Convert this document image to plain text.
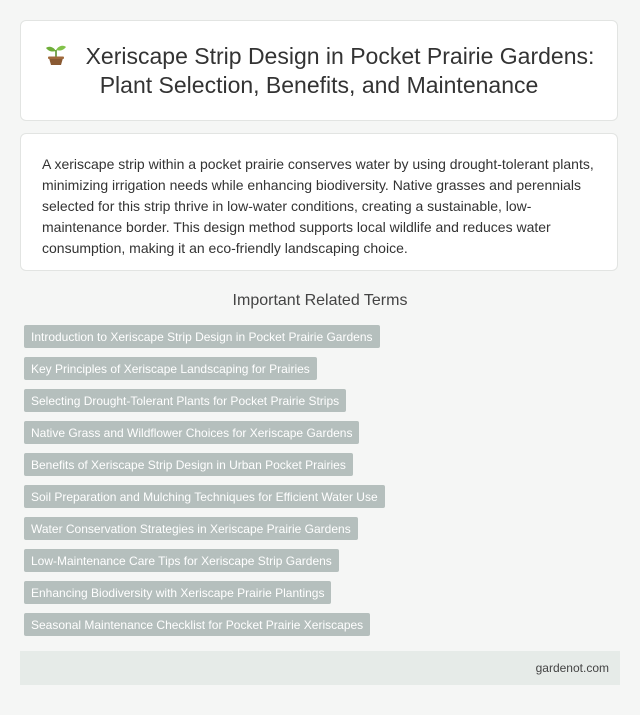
Xeriscape Strip Design in Pocket Prairie Gardens: Plant Selection, Benefits, and Maintenance

A xeriscape strip within a pocket prairie conserves water by using drought-tolerant plants, minimizing irrigation needs while enhancing biodiversity. Native grasses and perennials selected for this strip thrive in low-water conditions, creating a sustainable, low-maintenance border. This design method supports local wildlife and reduces water consumption, making it an eco-friendly landscaping choice.

Important Related Terms
Introduction to Xeriscape Strip Design in Pocket Prairie Gardens
Key Principles of Xeriscape Landscaping for Prairies
Selecting Drought-Tolerant Plants for Pocket Prairie Strips
Native Grass and Wildflower Choices for Xeriscape Gardens
Benefits of Xeriscape Strip Design in Urban Pocket Prairies
Soil Preparation and Mulching Techniques for Efficient Water Use
Water Conservation Strategies in Xeriscape Prairie Gardens
Low-Maintenance Care Tips for Xeriscape Strip Gardens
Enhancing Biodiversity with Xeriscape Prairie Plantings
Seasonal Maintenance Checklist for Pocket Prairie Xeriscapes
gardenot.com
